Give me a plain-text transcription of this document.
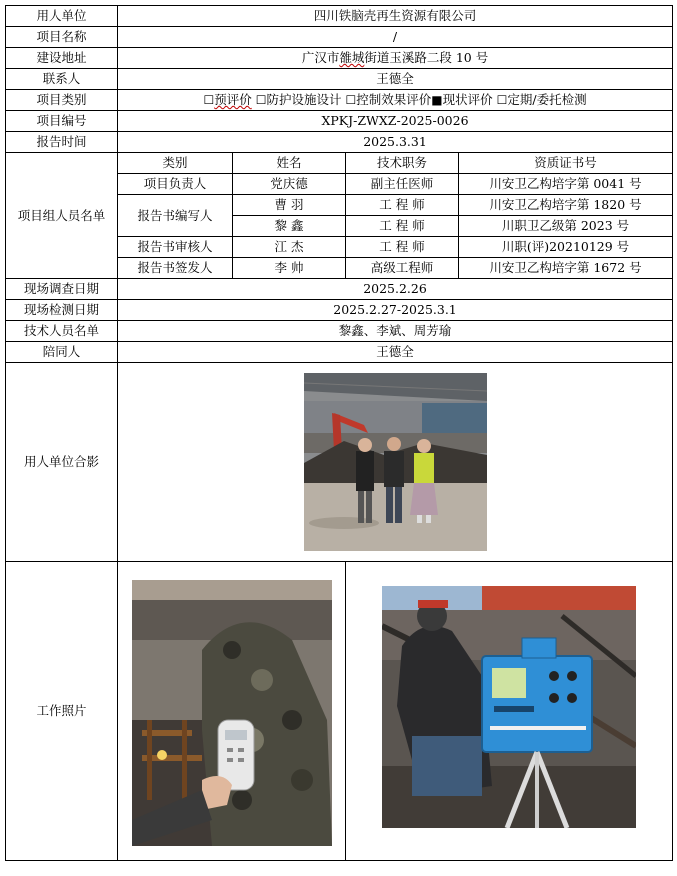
用人单位	四川铁脑壳再生资源有限公司			
项目名称	/			
建设地址	广汉市雒城街道玉溪路二段 10 号			
联系人	王德全			
项目类别	☐预评价 ☐防护设施设计 ☐控制效果评价■现状评价 ☐定期/委托检测			
项目编号	XPKJ-ZWXZ-2025-0026			
报告时间	2025.3.31			
项目组人员名单	类别	姓名	技术职务	资质证书号
	项目负责人	党庆德	副主任医师	川安卫乙构培字第 0041 号
	报告书编写人	曹 羽	工 程 师	川安卫乙构培字第 1820 号
		黎 鑫	工 程 师	川职卫乙级第 2023 号
	报告书审核人	江 杰	工 程 师	川职(评)20210129 号
	报告书签发人	李 帅	高级工程师	川安卫乙构培字第 1672 号
现场调查日期	2025.2.26			
现场检测日期	2025.2.27-2025.3.1			
技术人员名单	黎鑫、李斌、周芳瑜			
陪同人	王德全			
用人单位合影	

工作照片	
